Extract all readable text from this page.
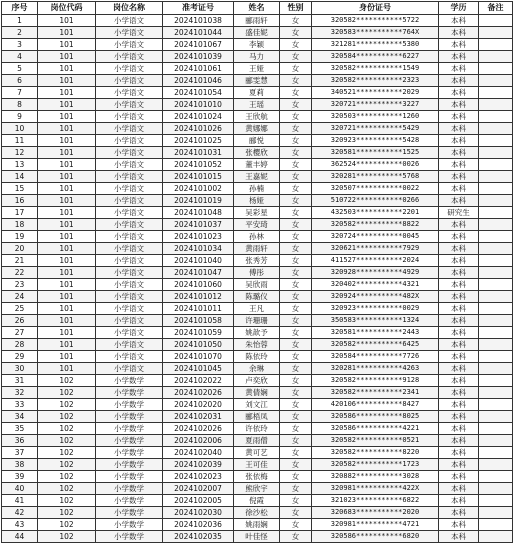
序号	岗位代码	岗位名称	准考证号	姓名	性别	身份证号	学历	备注
1	101	小学语文	2024101038	郦雨轩	女	320582***********5722	本科	
2	101	小学语文	2024101044	盛佳妮	女	320583***********764X	本科	
3	101	小学语文	2024101067	李颖	女	321281***********5380	本科	
4	101	小学语文	2024101039	马力	女	320584***********6227	本科	
5	101	小学语文	2024101061	王娅	女	320582***********1549	本科	
6	101	小学语文	2024101046	郦雯慧	女	320582***********2323	本科	
7	101	小学语文	2024101054	夏莉	女	340521***********2029	本科	
8	101	小学语文	2024101010	王瑶	女	320721***********3227	本科	
9	101	小学语文	2024101024	王欣航	女	320503***********1260	本科	
10	101	小学语文	2024101026	黄娜娜	女	320721***********5429	本科	
11	101	小学语文	2024101025	郦悦	女	320923***********5428	本科	
12	101	小学语文	2024101031	张樱欣	女	320581***********1525	本科	
13	101	小学语文	2024101052	董丰婷	女	362524***********0026	本科	
14	101	小学语文	2024101015	王嘉妮	女	320281***********5768	本科	
15	101	小学语文	2024101002	孙楠	女	320507***********0022	本科	
16	101	小学语文	2024101019	杨娅	女	510722***********0266	本科	
17	101	小学语文	2024101048	吴彩星	女	432503***********2201	研究生	
18	101	小学语文	2024101037	平安琦	女	320582***********8822	本科	
19	101	小学语文	2024101023	孙林	女	320724***********0045	本科	
20	101	小学语文	2024101034	黄雨轩	女	320621***********7929	本科	
21	101	小学语文	2024101040	张秀芳	女	411527***********2024	本科	
22	101	小学语文	2024101047	傅彤	女	320928***********4929	本科	
23	101	小学语文	2024101060	吴欣雨	女	320402***********4321	本科	
24	101	小学语文	2024101012	陈璐仪	女	320924***********482X	本科	
25	101	小学语文	2024101011	王凡	女	320923***********0029	本科	
26	101	小学语文	2024101058	许珊珊	女	350583***********1324	本科	
27	101	小学语文	2024101059	姚歆予	女	320581***********2443	本科	
28	101	小学语文	2024101050	朱怡蓉	女	320582***********6425	本科	
29	101	小学语文	2024101070	陈依玲	女	320584***********7726	本科	
30	101	小学语文	2024101045	余琳	女	320281***********4263	本科	
31	102	小学数学	2024102022	卢奕欣	女	320582***********9128	本科	
32	102	小学数学	2024102026	黄倩娴	女	320582***********2341	本科	
33	102	小学数学	2024102020	刘文江	女	420106***********8427	本科	
34	102	小学数学	2024102031	郦梧凤	女	320586***********8025	本科	
35	102	小学数学	2024102026	许依玲	女	320586***********4221	本科	
36	102	小学数学	2024102006	夏雨僧	女	320582***********0521	本科	
37	102	小学数学	2024102040	黄可艺	女	320582***********8220	本科	
38	102	小学数学	2024102039	王可佳	女	320582***********1723	本科	
39	102	小学数学	2024102023	张依梅	女	320882***********3028	本科	
40	102	小学数学	2024102007	熊欣宇	女	320981***********422X	本科	
41	102	小学数学	2024102005	倪霞	女	321023***********6822	本科	
42	102	小学数学	2024102030	徐沙松	女	320683***********2020	本科	
43	102	小学数学	2024102036	姚雨娴	女	320981***********4721	本科	
44	102	小学数学	2024102035	叶佳怪	女	320586***********6820	本科	
